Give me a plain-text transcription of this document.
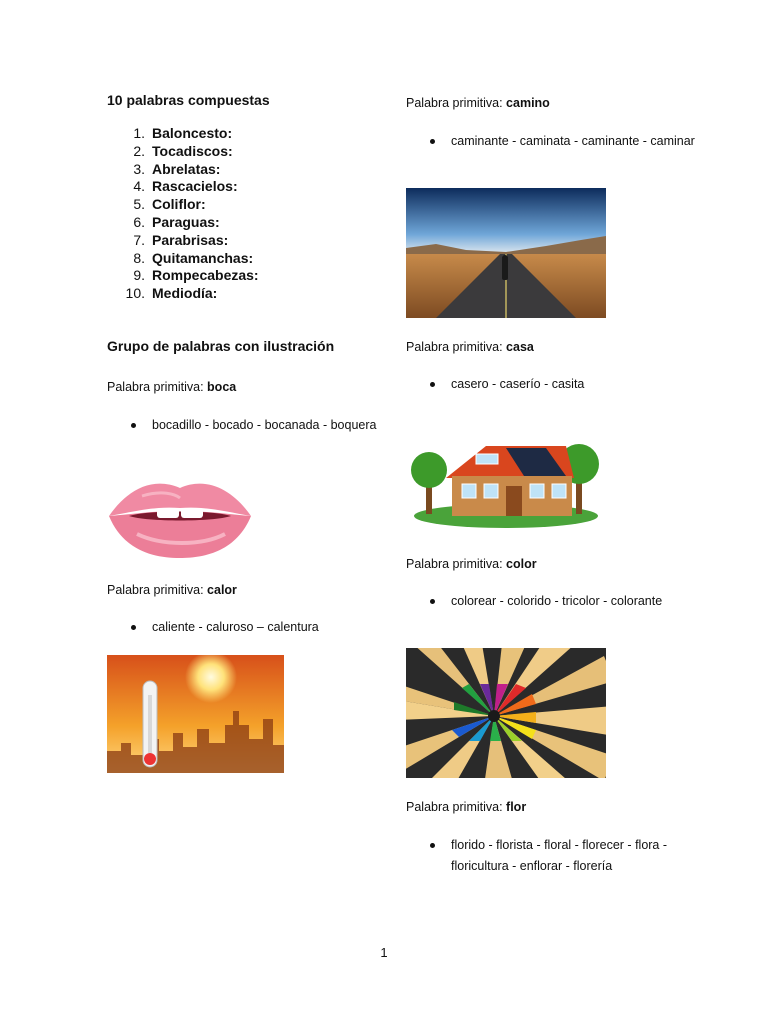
10 palabras compuestas
1. Baloncesto:
2. Tocadiscos:
3. Abrelatas:
4. Rascacielos:
5. Coliflor:
6. Paraguas:
7. Parabrisas:
8. Quitamanchas:
9. Rompecabezas:
10. Mediodía:
Grupo de palabras con ilustración
Palabra primitiva: boca
bocadillo - bocado - bocanada - boquera
Palabra primitiva: calor
caliente - caluroso – calentura
Palabra primitiva: camino
caminante - caminata - caminante - caminar
Palabra primitiva: casa
casero - caserío - casita
Palabra primitiva: color
colorear - colorido - tricolor - colorante
Palabra primitiva: flor
florido - florista - floral - florecer - flora - floricultura - enflorar - florería
1
